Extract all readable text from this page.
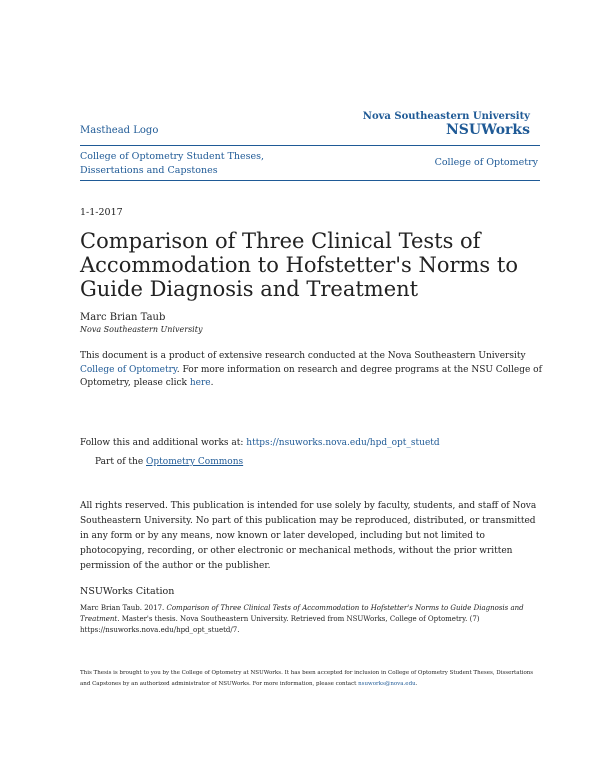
Masthead Logo
Nova Southeastern University
NSUWorks
College of Optometry Student Theses, Dissertations and Capstones
College of Optometry
1-1-2017
Comparison of Three Clinical Tests of Accommodation to Hofstetter's Norms to Guide Diagnosis and Treatment
Marc Brian Taub
Nova Southeastern University
This document is a product of extensive research conducted at the Nova Southeastern University College of Optometry. For more information on research and degree programs at the NSU College of Optometry, please click here.
Follow this and additional works at: https://nsuworks.nova.edu/hpd_opt_stuetd
Part of the Optometry Commons
All rights reserved. This publication is intended for use solely by faculty, students, and staff of Nova Southeastern University. No part of this publication may be reproduced, distributed, or transmitted in any form or by any means, now known or later developed, including but not limited to photocopying, recording, or other electronic or mechanical methods, without the prior written permission of the author or the publisher.
NSUWorks Citation
Marc Brian Taub. 2017. Comparison of Three Clinical Tests of Accommodation to Hofstetter's Norms to Guide Diagnosis and Treatment. Master's thesis. Nova Southeastern University. Retrieved from NSUWorks, College of Optometry. (7) https://nsuworks.nova.edu/hpd_opt_stuetd/7.
This Thesis is brought to you by the College of Optometry at NSUWorks. It has been accepted for inclusion in College of Optometry Student Theses, Dissertations and Capstones by an authorized administrator of NSUWorks. For more information, please contact nsuworks@nova.edu.
